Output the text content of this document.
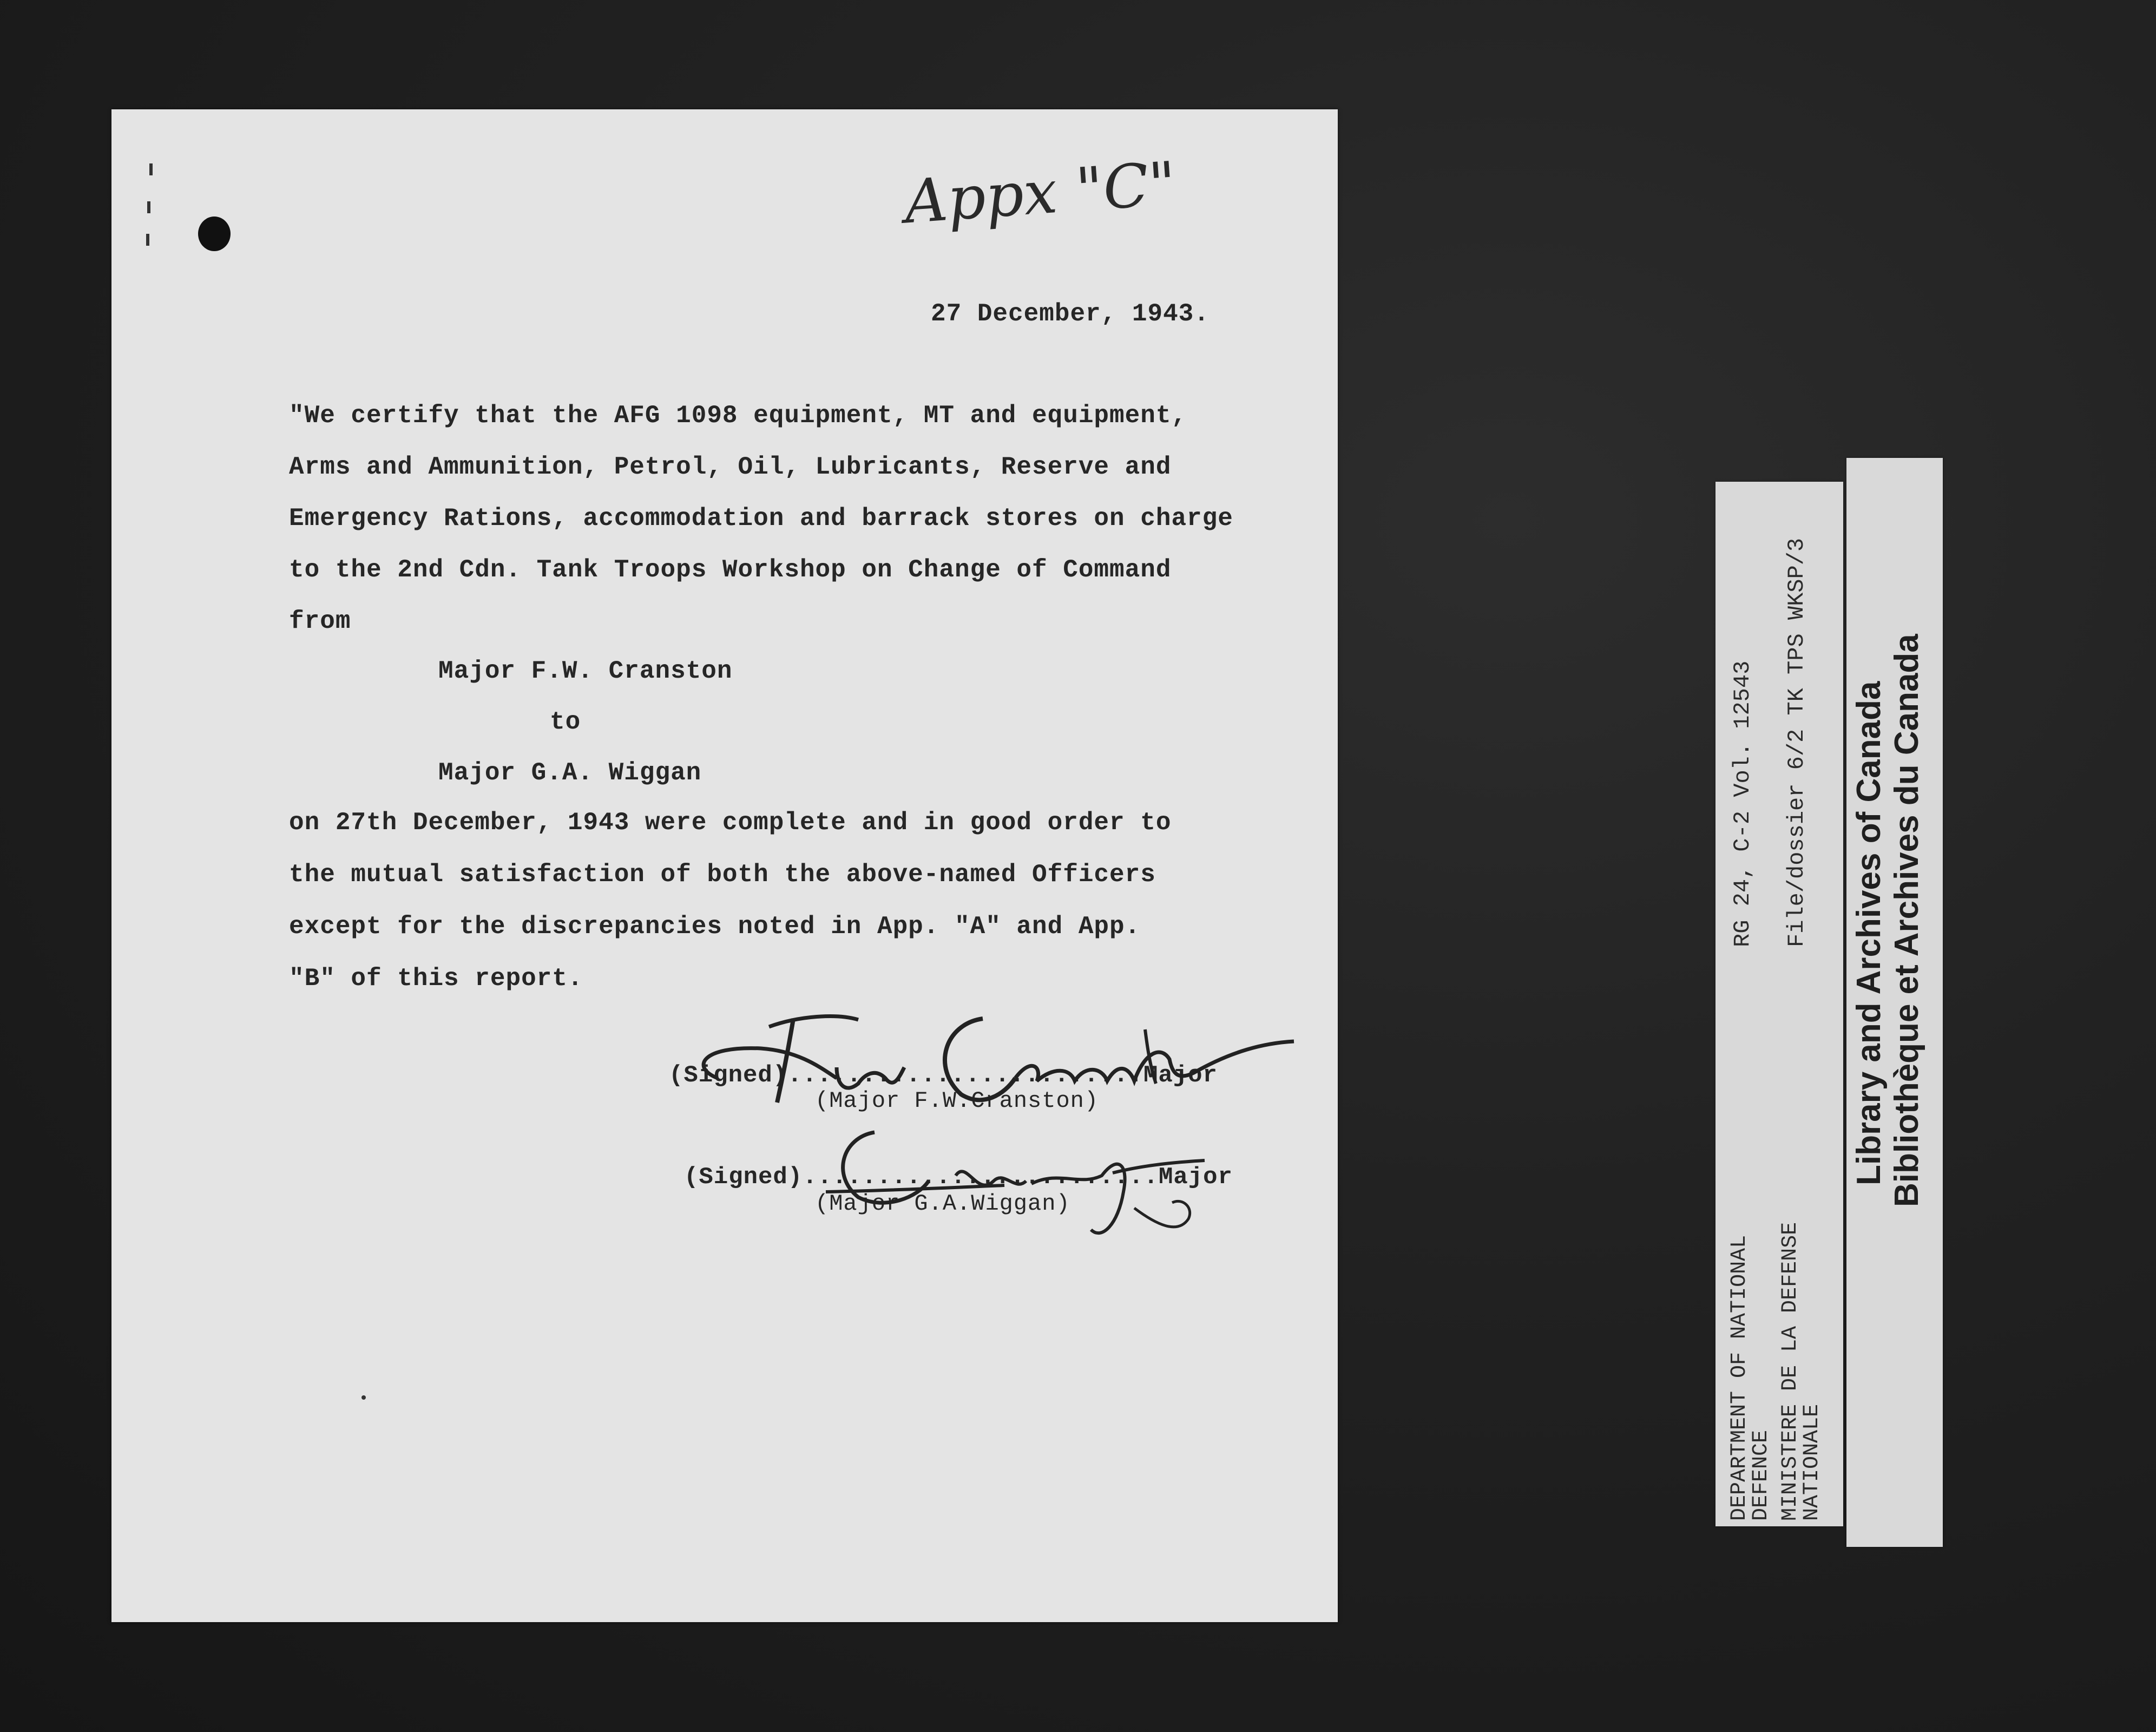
Appx "C"
27 December, 1943.
"We certify that the AFG 1098 equipment, MT and equipment,
Arms and Ammunition, Petrol, Oil, Lubricants, Reserve and
Emergency Rations, accommodation and barrack stores on charge
to the 2nd Cdn. Tank Troops Workshop on Change of Command
from
Major F.W. Cranston
to
Major G.A. Wiggan
on 27th December, 1943 were complete and in good order to
the mutual satisfaction of both the above-named Officers
except for the discrepancies noted in App. "A" and App.
"B" of this report.
(Signed)........................Major
(Major F.W.Cranston)
(Signed)........................Major
(Major G.A.Wiggan)
RG 24, C-2 Vol. 12543 File/dossier 6/2 TK TPS WKSP/3
DEPARTMENT OF NATIONAL
DEFENCE MINISTERE DE LA DEFENSE
NATIONALE
Library and Archives of Canada Bibliothèque et Archives du Canada
